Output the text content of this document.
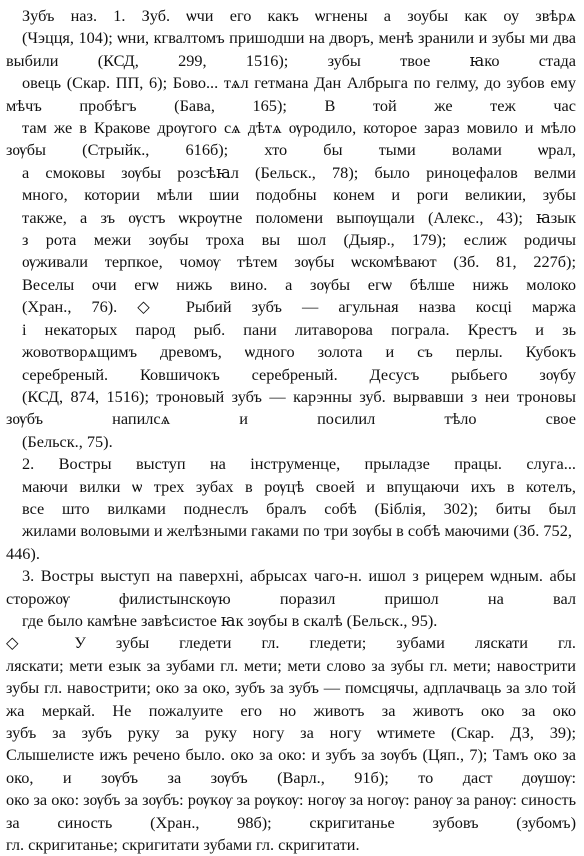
Зубъ наз. 1. Зуб. ѡчи его какъ ѡгнены а зоубы как оу звѣрѧ
(Чэцця, 104); ѡни, кгвалтомъ пришодши на дворъ, менѣ зранили и зубы ми два выбили (КСД, 299, 1516); зубы твое ꙗко стада
овець (Скар. ПП, 6); Бово... тѧл гетмана Дан Албрыга по гелму, до зубов ему мѣчъ пробѣгъ (Бава, 165); В той же теж час
там же в Кракове дрѹгого сѧ дѣтѧ ѹродило, которое зараз мовило и мѣло зѹбы (Стрыйк., 616б); хто бы тыми волами ѡрал,
а смоковы зѹбы розсѣꙗл (Бельск., 78); было риноцефалов велми
много, котории мѣли шии подобны конем и роги великии, зубы
также, а зъ ѹстъ ѡкрѹтне поломени выпѹщали (Алекс., 43); ꙗзык
з рота межи зѹбы троха вы шол (Дыяр., 179); еслиж родичы
ѹживали терпкое, чомѹ тѣтем зѹбы ѡскомѣвают (Зб. 81, 227б);
Веселы очи егѡ нижь вино. а зѹбы егѡ бѣлше нижь молоко
(Хран., 76). ◇ Рыбий зубъ — агульная назва косцi маржа
i некаторых парод рыб. пани литаворова пограла. Крестъ и зь
жовотворѧщимъ древомъ, ѡдного золота и съ перлы. Кубокъ
серебреный. Ковшичокъ серебреный. Десусъ рыбьего зѹбу
(КСД, 874, 1516); троновый зубъ — карэнны зуб. вырвавши з неи троновы зѹбъ напилсѧ и посилил тѣло свое
(Бельск., 75).

2. Востры выступ на iнструменце, прыладзе працы. слуга...
маючи вилки ѡ трех зубах в рѹцѣ своей и впущаючи ихъ в котелъ,
все што вилками поднеслъ бралъ собѣ (Бiблiя, 302); биты был
жилами воловыми и желѣзными гаками по три зѹбы в собѣ маючими (Зб. 752, 446).

3. Востры выступ на паверхнi, абрысах чаго-н. ишол з рицерем ѡдным. абы сторожѹ филистынскѹю поразил пришол на вал
где было камѣне завѣсистое ꙗк зѹбы в скалѣ (Бельск., 95).

◇ У зубы гледети гл. гледети; зубами ляскати гл.
ляскати; мети езык за зубами гл. мети; мети слово за зубы гл. мети; навострити зубы гл. навострити; око за око, зубъ за зубъ — помсцячы, адплачваць за зло той
жа меркай. Не пожалуите его но животъ за животъ око за око
зубъ за зубъ руку за руку ногу за ногу ѡтимете (Скар. ДЗ, 39);
Слышелисте ижъ речено было. око за око: и зубъ за зѹбъ (Цяп., 7); Тамъ око за око, и зѹбъ за зѹбъ (Варл., 91б); то даст дѹшѹ:
око за око: зѹбъ за зѹбъ: рѹкѹ за рѹкѹ: ногѹ за ногѹ: ранѹ за ранѹ: синость за синость (Хран., 98б); скригитанье зубовъ (зубомъ)
гл. скригитанье; скригитати зубами гл. скригитати.
